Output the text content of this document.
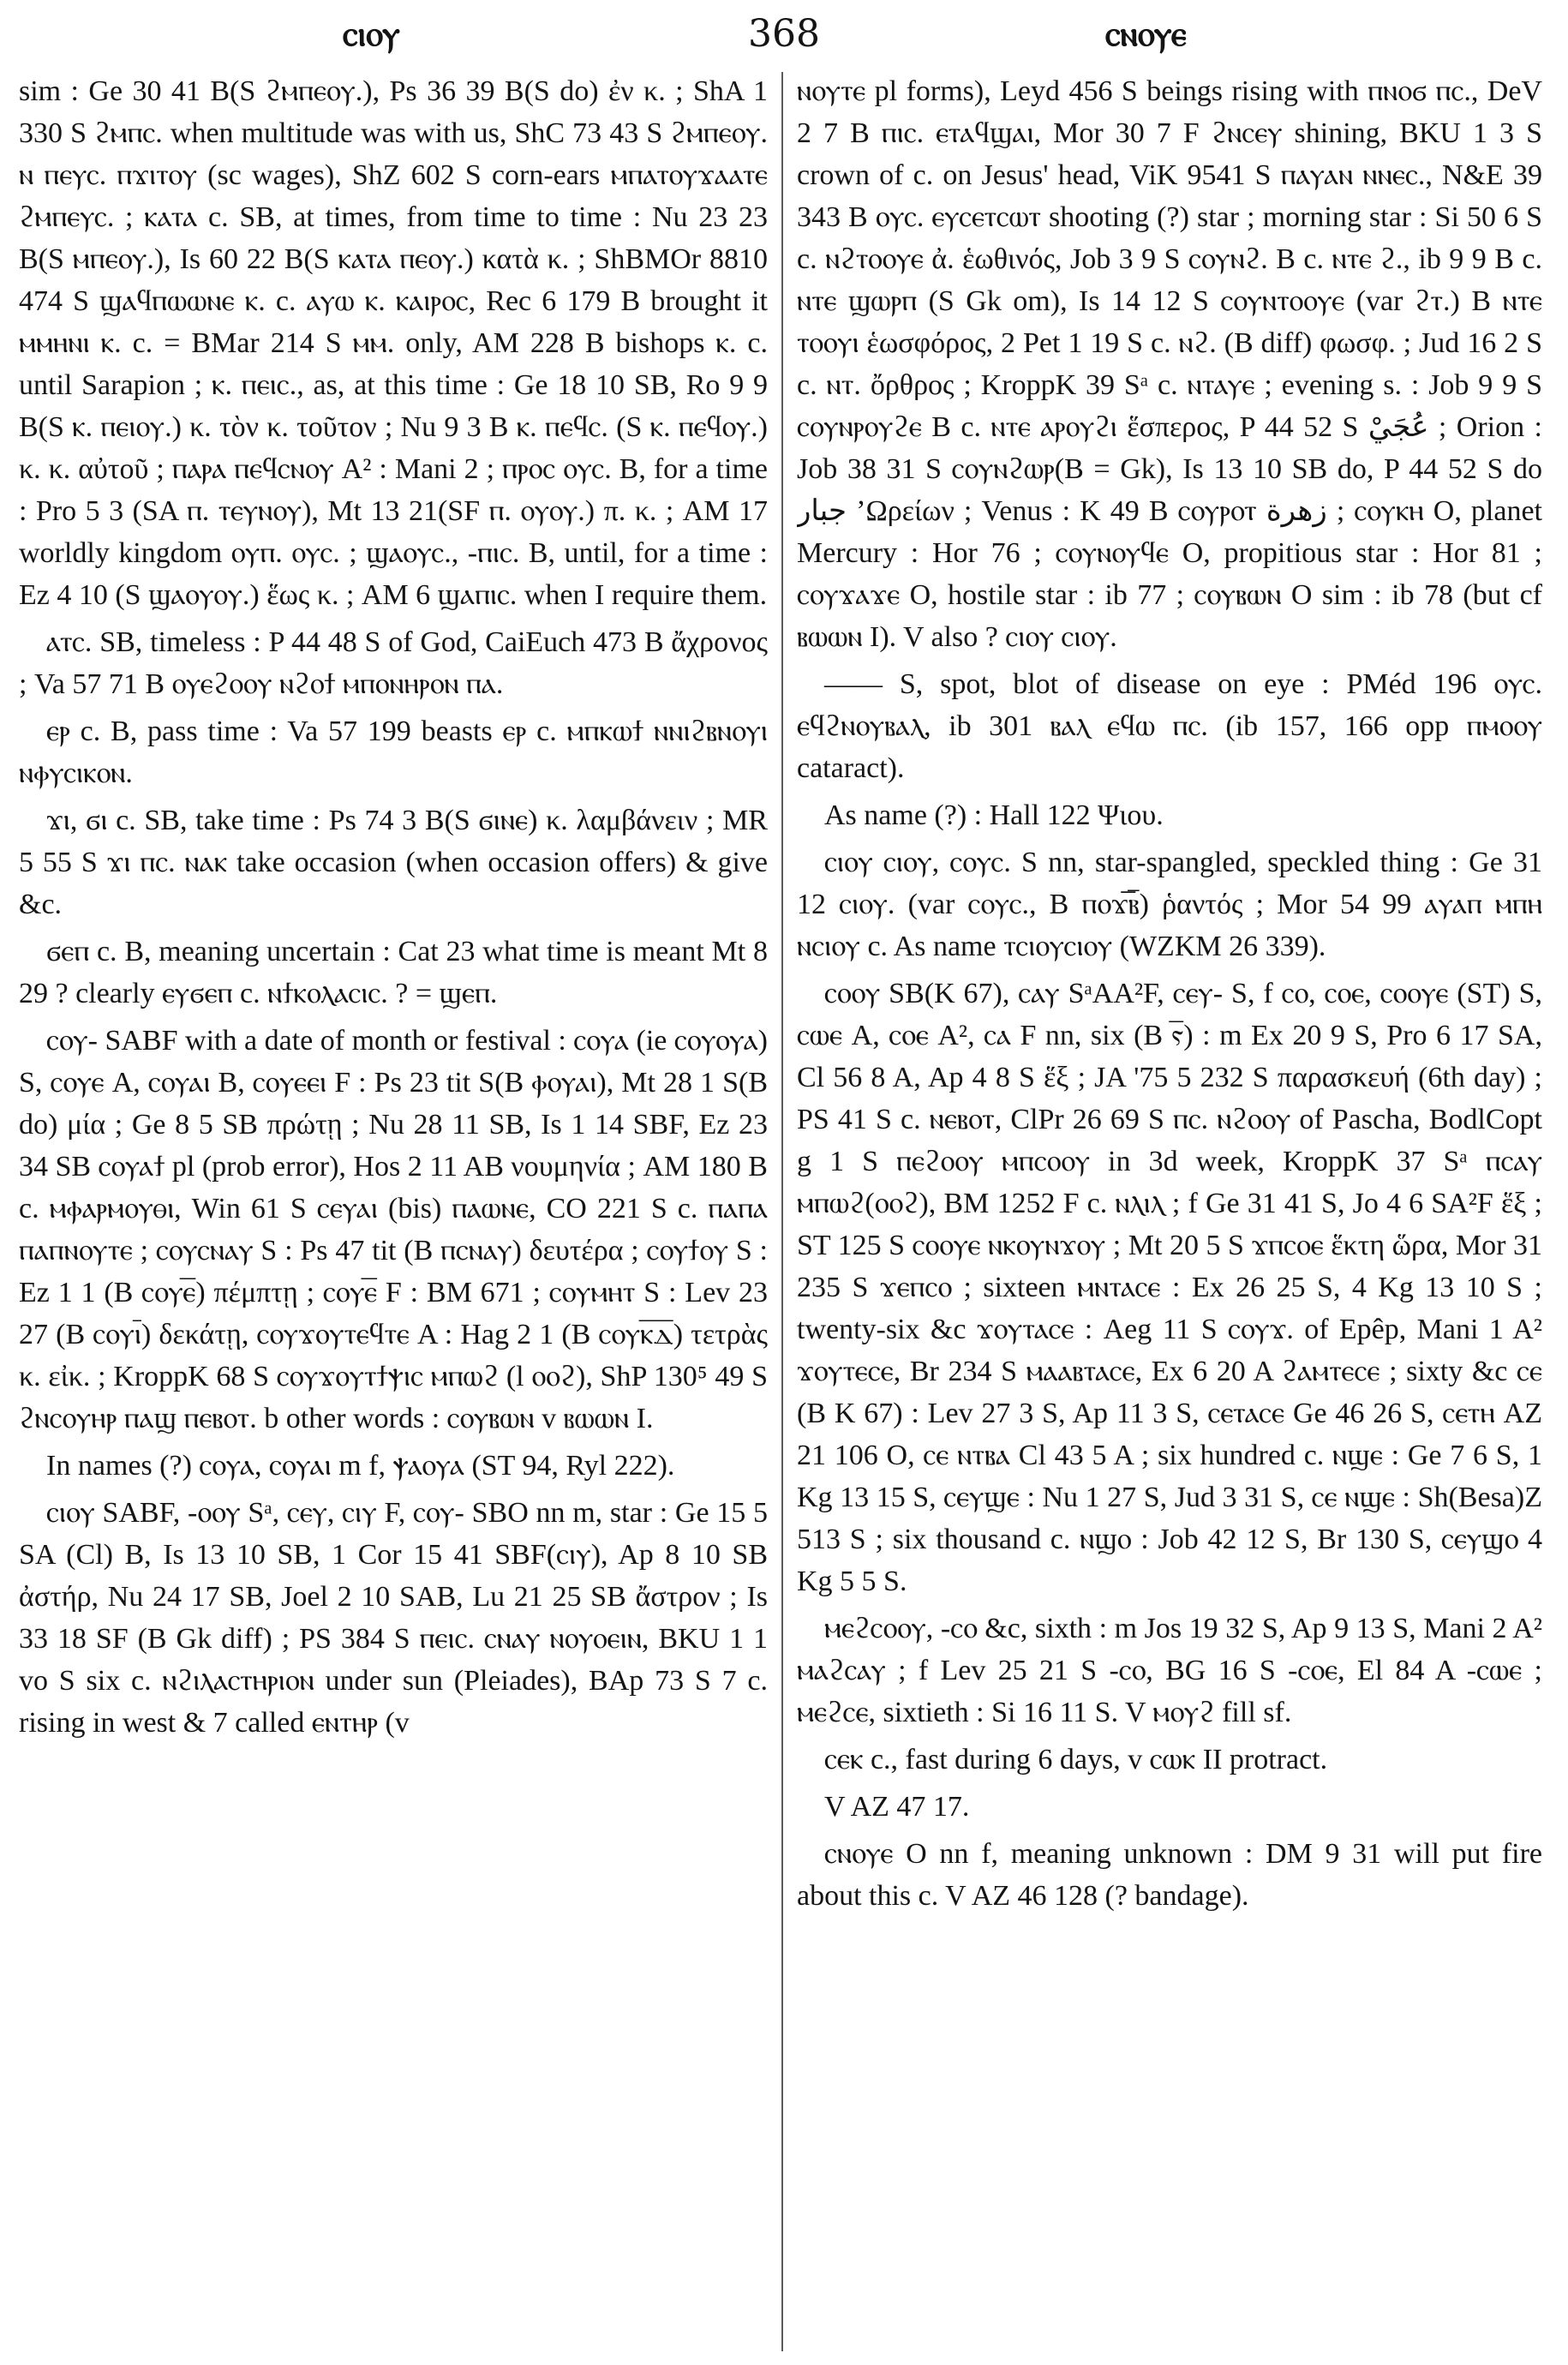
ⲥⲓⲟⲩ	368	ⲥⲛⲟⲩⲉ

sim : Ge 30 41 B(S ϩⲙⲡⲉⲟⲩ.), Ps 36 39 B(S do) ἐν κ. ; ShA 1 330 S ϩⲙⲡⲥ. when multitude was with us, ShC 73 43 S ϩⲙⲡⲉⲟⲩ. ⲛ ⲡⲉⲩⲥ. ⲡϫⲓⲧⲟⲩ (sc wages), ShZ 602 S corn-ears ⲙⲡⲁⲧⲟⲩϫⲁⲁⲧⲉ ϩⲙⲡⲉⲩⲥ. ; ⲕⲁⲧⲁ c. SB, at times, from time to time : Nu 23 23 B(S ⲙⲡⲉⲟⲩ.), Is 60 22 B(S ⲕⲁⲧⲁ ⲡⲉⲟⲩ.) κατὰ κ. ; ShBMOr 8810 474 S ϣⲁϥⲡⲱⲱⲛⲉ ⲕ. c. ⲁⲩⲱ ⲕ. ⲕⲁⲓⲣⲟⲥ, Rec 6 179 B brought it ⲙⲙⲏⲛⲓ ⲕ. c. = BMar 214 S ⲙⲙ. only, AM 228 B bishops ⲕ. c. until Sarapion ; ⲕ. ⲡⲉⲓⲥ., as, at this time : Ge 18 10 SB, Ro 9 9 B(S ⲕ. ⲡⲉⲓⲟⲩ.) κ. τὸν κ. τοῦτον ; Nu 9 3 B ⲕ. ⲡⲉϥⲥ. (S ⲕ. ⲡⲉϥⲟⲩ.) κ. κ. αὐτοῦ ; ⲡⲁⲣⲁ ⲡⲉϥⲥⲛⲟⲩ A² : Mani 2 ; ⲡⲣⲟⲥ ⲟⲩⲥ. B, for a time : Pro 5 3 (SA ⲡ. ⲧⲉⲩⲛⲟⲩ), Mt 13 21(SF ⲡ. ⲟⲩⲟⲩ.) π. κ. ; AM 17 worldly kingdom ⲟⲩⲡ. ⲟⲩⲥ. ; ϣⲁⲟⲩⲥ., -ⲡⲓⲥ. B, until, for a time : Ez 4 10 (S ϣⲁⲟⲩⲟⲩ.) ἕως κ. ; AM 6 ϣⲁⲡⲓⲥ. when I require them.

ⲁⲧⲥ. SB, timeless : P 44 48 S of God, CaiEuch 473 B ἄχρονος ; Va 57 71 B ⲟⲩⲉϩⲟⲟⲩ ⲛϩⲟϯ ⲙⲡⲟⲛⲏⲣⲟⲛ ⲡⲁ.

ⲉⲣ c. B, pass time : Va 57 199 beasts ⲉⲣ c. ⲙⲡⲕⲱϯ ⲛⲛⲓϩⲃⲛⲟⲩⲓ ⲛⲫⲩⲥⲓⲕⲟⲛ.

ϫⲓ, ϭⲓ c. SB, take time : Ps 74 3 B(S ϭⲓⲛⲉ) κ. λαμβάνειν ; MR 5 55 S ϫⲓ ⲡⲥ. ⲛⲁⲕ take occasion (when occasion offers) & give &c.

ϭⲉⲡ c. B, meaning uncertain : Cat 23 what time is meant Mt 8 29 ? clearly ⲉⲩϭⲉⲡ c. ⲛϯⲕⲟⲗⲁⲥⲓⲥ. ? = ϣⲉⲡ.

ⲥⲟⲩ- SABF with a date of month or festival : ⲥⲟⲩⲁ (ie ⲥⲟⲩⲟⲩⲁ) S, ⲥⲟⲩⲉ A, ⲥⲟⲩⲁⲓ B, ⲥⲟⲩⲉⲉⲓ F : Ps 23 tit S(B ⲫⲟⲩⲁⲓ), Mt 28 1 S(B do) μία ; Ge 8 5 SB πρώτῃ ; Nu 28 11 SB, Is 1 14 SBF, Ez 23 34 SB ⲥⲟⲩⲁϯ pl (prob error), Hos 2 11 AB νουμηνία ; AM 180 B c. ⲙⲫⲁⲣⲙⲟⲩⲑⲓ, Win 61 S ⲥⲉⲩⲁⲓ (bis) ⲡⲁⲱⲛⲉ, CO 221 S c. ⲡⲁⲡⲁ ⲡⲁⲡⲛⲟⲩⲧⲉ ; ⲥⲟⲩⲥⲛⲁⲩ S : Ps 47 tit (B ⲡⲥⲛⲁⲩ) δευτέρα ; ⲥⲟⲩϯⲟⲩ S : Ez 1 1 (B ⲥⲟⲩⲉ̅) πέμπτῃ ; ⲥⲟⲩⲉ̅ F : BM 671 ; ⲥⲟⲩⲙⲏⲧ S : Lev 23 27 (B ⲥⲟⲩⲓ̅) δεκάτῃ, ⲥⲟⲩϫⲟⲩⲧⲉϥⲧⲉ A : Hag 2 1 (B ⲥⲟⲩⲕ̅ⲇ̅) τετρὰς κ. εἰκ. ; KroppK 68 S ⲥⲟⲩϫⲟⲩⲧϯⲯⲓⲥ ⲙⲡⲱϩ (l ⲟⲟϩ), ShP 130⁵ 49 S ϩⲛⲥⲟⲩⲏⲣ ⲡⲁϣ ⲡⲉⲃⲟⲧ. b other words : ⲥⲟⲩⲃⲱⲛ v ⲃⲱⲱⲛ I.

In names (?) ⲥⲟⲩⲁ, ⲥⲟⲩⲁⲓ m f, ⲯⲁⲟⲩⲁ (ST 94, Ryl 222).

ⲥⲓⲟⲩ SABF, -ⲟⲟⲩ Sᵃ, ⲥⲉⲩ, ⲥⲓⲩ F, ⲥⲟⲩ- SBO nn m, star : Ge 15 5 SA (Cl) B, Is 13 10 SB, 1 Cor 15 41 SBF(ⲥⲓⲩ), Ap 8 10 SB ἀστήρ, Nu 24 17 SB, Joel 2 10 SAB, Lu 21 25 SB ἄστρον ; Is 33 18 SF (B Gk diff) ; PS 384 S ⲡⲉⲓⲥ. ⲥⲛⲁⲩ ⲛⲟⲩⲟⲉⲓⲛ, BKU 1 1 vo S six c. ⲛϩⲓⲗⲁⲥⲧⲏⲣⲓⲟⲛ under sun (Pleiades), BAp 73 S 7 c. rising in west & 7 called ⲉⲛⲧⲏⲣ (v

ⲛⲟⲩⲧⲉ pl forms), Leyd 456 S beings rising with ⲡⲛⲟϭ ⲡⲥ., DeV 2 7 B ⲡⲓⲥ. ⲉⲧⲁϥϣⲁⲓ, Mor 30 7 F ϩⲛⲥⲉⲩ shining, BKU 1 3 S crown of c. on Jesus' head, ViK 9541 S ⲡⲁⲩⲁⲛ ⲛⲛⲉⲥ., N&E 39 343 B ⲟⲩⲥ. ⲉⲩⲥⲉⲧⲥⲱⲧ shooting (?) star ; morning star : Si 50 6 S c. ⲛϩⲧⲟⲟⲩⲉ ἀ. ἑωθινός, Job 3 9 S ⲥⲟⲩⲛϩ. B c. ⲛⲧⲉ ϩ., ib 9 9 B c. ⲛⲧⲉ ϣⲱⲣⲡ (S Gk om), Is 14 12 S ⲥⲟⲩⲛⲧⲟⲟⲩⲉ (var ϩⲧ.) B ⲛⲧⲉ ⲧⲟⲟⲩⲓ ἑωσφόρος, 2 Pet 1 19 S c. ⲛϩ. (B diff) φωσφ. ; Jud 16 2 S c. ⲛⲧ. ὄρθρος ; KroppK 39 Sᵃ c. ⲛⲧⲁⲩⲉ ; evening s. : Job 9 9 S ⲥⲟⲩⲛⲣⲟⲩϩⲉ B c. ⲛⲧⲉ ⲁⲣⲟⲩϩⲓ ἕσπερος, P 44 52 S ‎عُجَيْ ; Orion : Job 38 31 S ⲥⲟⲩⲛϩⲱⲣ(B = Gk), Is 13 10 SB do, P 44 52 S do ‏جبار‎ ʼΩρείων ; Venus : K 49 B ⲥⲟⲩⲣⲟⲧ ‏زهرة‎ ; ⲥⲟⲩⲕⲏ O, planet Mercury : Hor 76 ; ⲥⲟⲩⲛⲟⲩϥⲉ O, propitious star : Hor 81 ; ⲥⲟⲩϫⲁϫⲉ O, hostile star : ib 77 ; ⲥⲟⲩⲃⲱⲛ O sim : ib 78 (but cf ⲃⲱⲱⲛ I). V also ? ⲥⲓⲟⲩ ⲥⲓⲟⲩ.

—— S, spot, blot of disease on eye : PMéd 196 ⲟⲩⲥ. ⲉϥϩⲛⲟⲩⲃⲁⲗ, ib 301 ⲃⲁⲗ ⲉϥⲱ ⲡⲥ. (ib 157, 166 opp ⲡⲙⲟⲟⲩ cataract).

As name (?) : Hall 122 Ψιου.

ⲥⲓⲟⲩ ⲥⲓⲟⲩ, ⲥⲟⲩⲥ. S nn, star-spangled, speckled thing : Ge 31 12 ⲥⲓⲟⲩ. (var ⲥⲟⲩⲥ., B ⲡⲟϫ̅ⲃ̅) ῥαντός ; Mor 54 99 ⲁⲩⲁⲡ ⲙⲡⲏ ⲛⲥⲓⲟⲩ c. As name ⲧⲥⲓⲟⲩⲥⲓⲟⲩ (WZKM 26 339).

ⲥⲟⲟⲩ SB(K 67), ⲥⲁⲩ SᵃAA²F, ⲥⲉⲩ- S, f ⲥⲟ, ⲥⲟⲉ, ⲥⲟⲟⲩⲉ (ST) S, ⲥⲱⲉ A, ⲥⲟⲉ A², ⲥⲁ F nn, six (B ⲋ̅) : m Ex 20 9 S, Pro 6 17 SA, Cl 56 8 A, Ap 4 8 S ἕξ ; JA '75 5 232 S παρασκευή (6th day) ; PS 41 S c. ⲛⲉⲃⲟⲧ, ClPr 26 69 S ⲡⲥ. ⲛϩⲟⲟⲩ of Pascha, BodlCopt g 1 S ⲡⲉϩⲟⲟⲩ ⲙⲡⲥⲟⲟⲩ in 3d week, KroppK 37 Sᵃ ⲡⲥⲁⲩ ⲙⲡⲱϩ(ⲟⲟϩ), BM 1252 F c. ⲛⲗⲓⲗ ; f Ge 31 41 S, Jo 4 6 SA²F ἕξ ; ST 125 S ⲥⲟⲟⲩⲉ ⲛⲕⲟⲩⲛϫⲟⲩ ; Mt 20 5 S ϫⲡⲥⲟⲉ ἕκτη ὥρα, Mor 31 235 S ϫⲉⲡⲥⲟ ; sixteen ⲙⲛⲧⲁⲥⲉ : Ex 26 25 S, 4 Kg 13 10 S ; twenty-six &c ϫⲟⲩⲧⲁⲥⲉ : Aeg 11 S ⲥⲟⲩϫ. of Epêp, Mani 1 A² ϫⲟⲩⲧⲉⲥⲉ, Br 234 S ⲙⲁⲁⲃⲧⲁⲥⲉ, Ex 6 20 A ϩⲁⲙⲧⲉⲥⲉ ; sixty &c ⲥⲉ (B K 67) : Lev 27 3 S, Ap 11 3 S, ⲥⲉⲧⲁⲥⲉ Ge 46 26 S, ⲥⲉⲧⲏ AZ 21 106 O, ⲥⲉ ⲛⲧⲃⲁ Cl 43 5 A ; six hundred c. ⲛϣⲉ : Ge 7 6 S, 1 Kg 13 15 S, ⲥⲉⲩϣⲉ : Nu 1 27 S, Jud 3 31 S, ⲥⲉ ⲛϣⲉ : Sh(Besa)Z 513 S ; six thousand c. ⲛϣⲟ : Job 42 12 S, Br 130 S, ⲥⲉⲩϣⲟ 4 Kg 5 5 S.

ⲙⲉϩⲥⲟⲟⲩ, -ⲥⲟ &c, sixth : m Jos 19 32 S, Ap 9 13 S, Mani 2 A² ⲙⲁϩⲥⲁⲩ ; f Lev 25 21 S -ⲥⲟ, BG 16 S -ⲥⲟⲉ, El 84 A -ⲥⲱⲉ ; ⲙⲉϩⲥⲉ, sixtieth : Si 16 11 S. V ⲙⲟⲩϩ fill sf.

ⲥⲉⲕ c., fast during 6 days, v ⲥⲱⲕ II protract.

V AZ 47 17.

ⲥⲛⲟⲩⲉ O nn f, meaning unknown : DM 9 31 will put fire about this c. V AZ 46 128 (? bandage).
